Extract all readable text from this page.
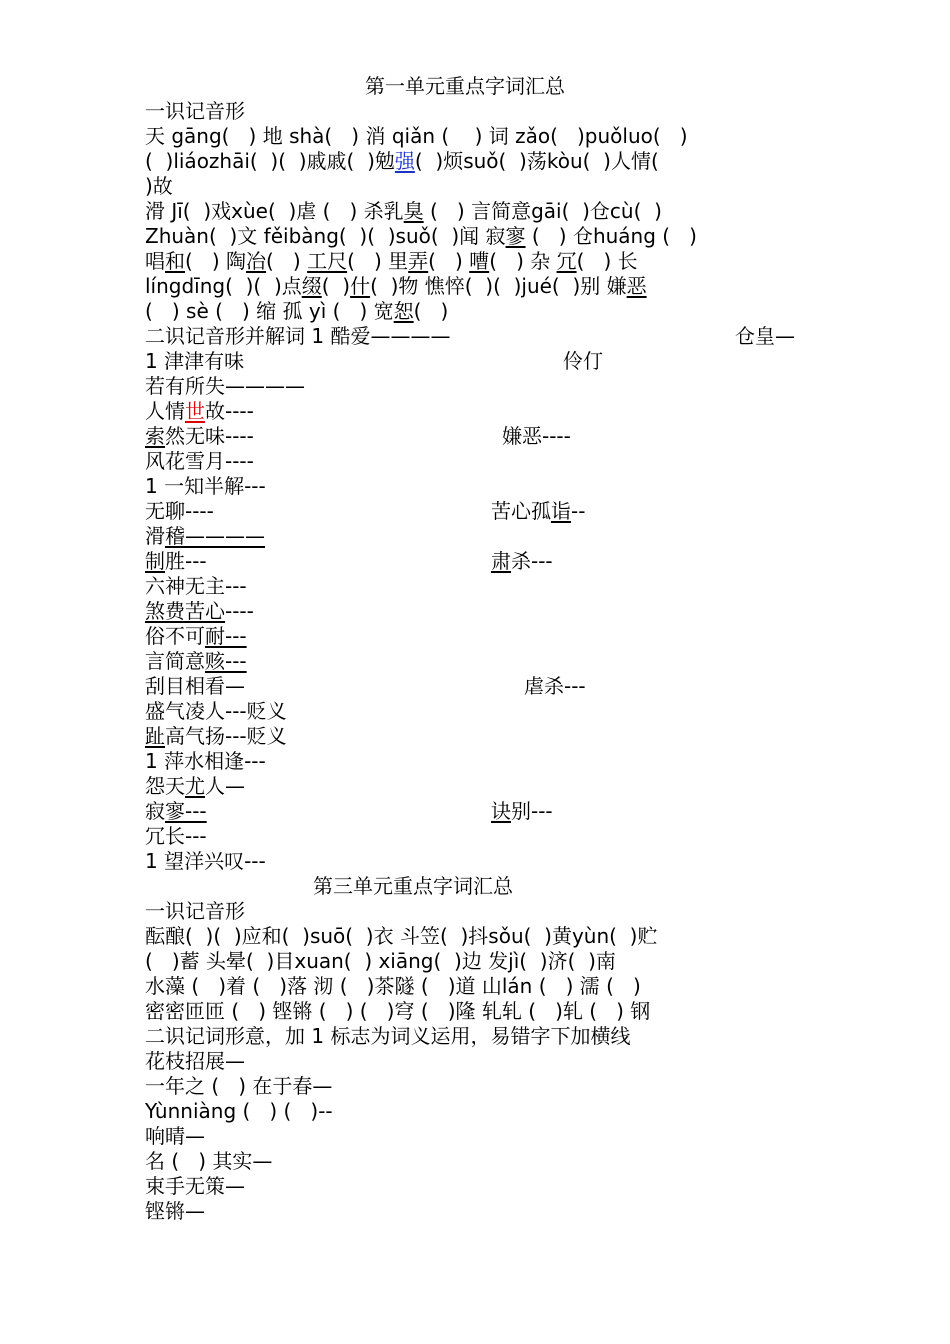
第一单元重点字词汇总
一识记音形
天 gāng(   ) 地 shà(   ) 消 qiǎn (    ) 词 zǎo(   )puǒluo(   )
(  )liáozhāi(  )(  )戚戚(  )勉强(  )烦suǒ(  )荡kòu(  )人情(
)故
滑 Jī(  )戏xùe(  )虐 (   ) 杀乳臭 (   ) 言简意gāi(  )仓cù(  )
Zhuàn(  )文 fěibàng(  )(  )suǒ(  )闻 寂寥 (   ) 仓huáng (   )
唱和(   ) 陶冶(   ) 工尺(   ) 里弄(   ) 嘈(   ) 杂 冗(   ) 长
língdīng(  )(  )点缀(  )什(  )物 憔悴(  )(  )jué(  )别 嫌恶
(   ) sè (   ) 缩 孤 yì (   ) 宽恕(   )
二识记音形并解词 1 酷爱————	仓皇—
1 津津有味	伶仃
若有所失————
人情世故----
索然无味----	嫌恶----
风花雪月----
1 一知半解---
无聊----	苦心孤诣--
滑稽————
制胜---	肃杀---
六神无主---
煞费苦心----
俗不可耐---
言简意赅---
刮目相看—	虐杀---
盛气凌人---贬义
趾高气扬---贬义
1 萍水相逢---
怨天尤人—
寂寥---	诀别---
冗长---
1 望洋兴叹---
第三单元重点字词汇总
一识记音形
酝酿(  )(  )应和(  )suō(  )衣 斗笠(  )抖sǒu(  )黄yùn(  )贮
(   )蓄 头晕(  )目xuan(  ) xiāng(  )边 发jì(  )济(  )南
水藻 (   )着 (   )落 沏 (   )茶隧 (   )道 山lán (   ) 濡 (   )
密密匝匝 (   ) 铿锵 (   ) (   )穹 (   )隆 轧轧 (   )轧 (   ) 钢
二识记词形意，加 1 标志为词义运用，易错字下加横线
花枝招展—
一年之 (   ) 在于春—
Yùnniàng (   ) (   )--
响晴—
名 (   ) 其实—
束手无策—
铿锵—
